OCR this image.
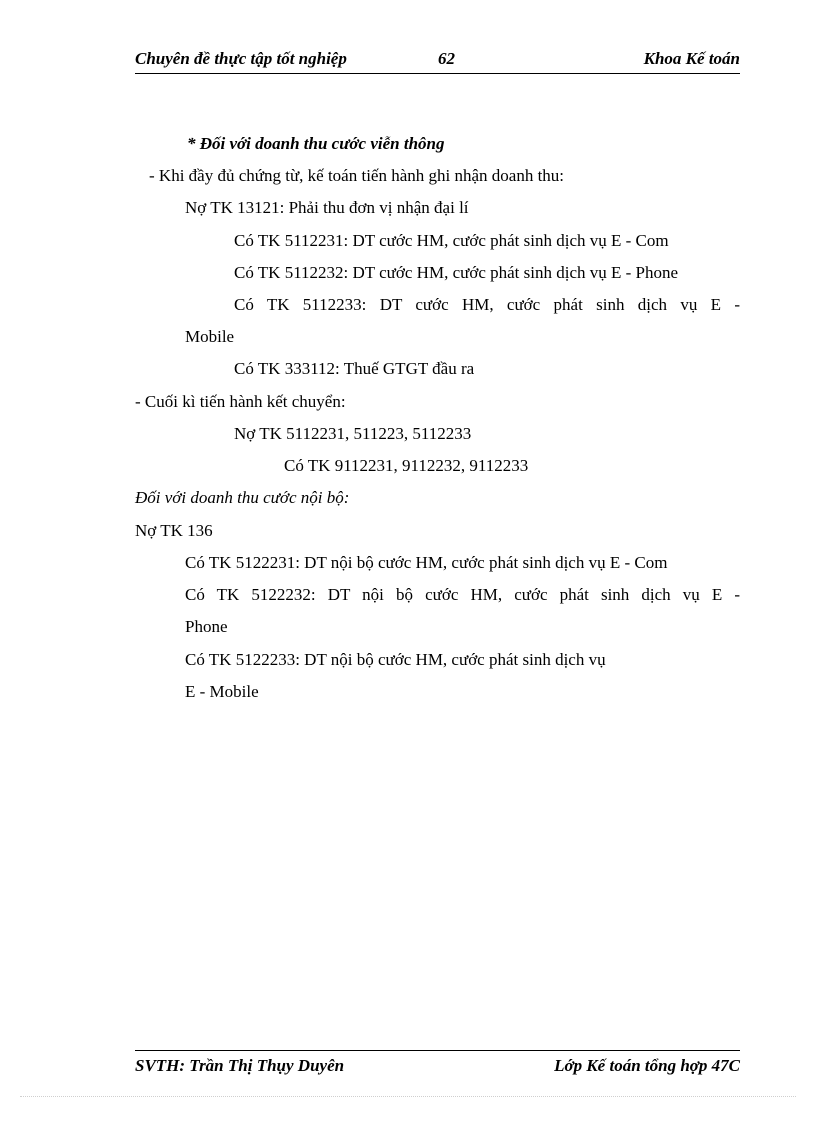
Chuyên đề thực tập tốt nghiệp	62	Khoa Kế toán
* Đối với doanh thu cước viễn thông
- Khi đầy đủ chứng từ, kế toán tiến hành ghi nhận doanh thu:
Nợ TK 13121: Phải thu đơn vị nhận đại lí
Có TK 5112231: DT cước HM, cước phát sinh dịch vụ E - Com
Có TK 5112232: DT cước HM, cước phát sinh dịch vụ E - Phone
Có TK 5112233: DT cước HM, cước phát sinh dịch vụ E -
Mobile
Có TK 333112: Thuế GTGT đầu ra
- Cuối kì tiến hành kết chuyển:
Nợ TK 5112231, 511223, 5112233
Có TK 9112231, 9112232, 9112233
Đối với doanh thu cước nội bộ:
Nợ TK 136
Có TK 5122231: DT nội bộ cước HM, cước phát sinh dịch vụ E - Com
Có TK 5122232: DT nội bộ cước HM, cước phát sinh dịch vụ E -
Phone
Có TK 5122233: DT nội bộ cước HM, cước phát sinh dịch vụ
E - Mobile
SVTH: Trần Thị Thụy Duyên	Lớp Kế toán tổng hợp 47C
